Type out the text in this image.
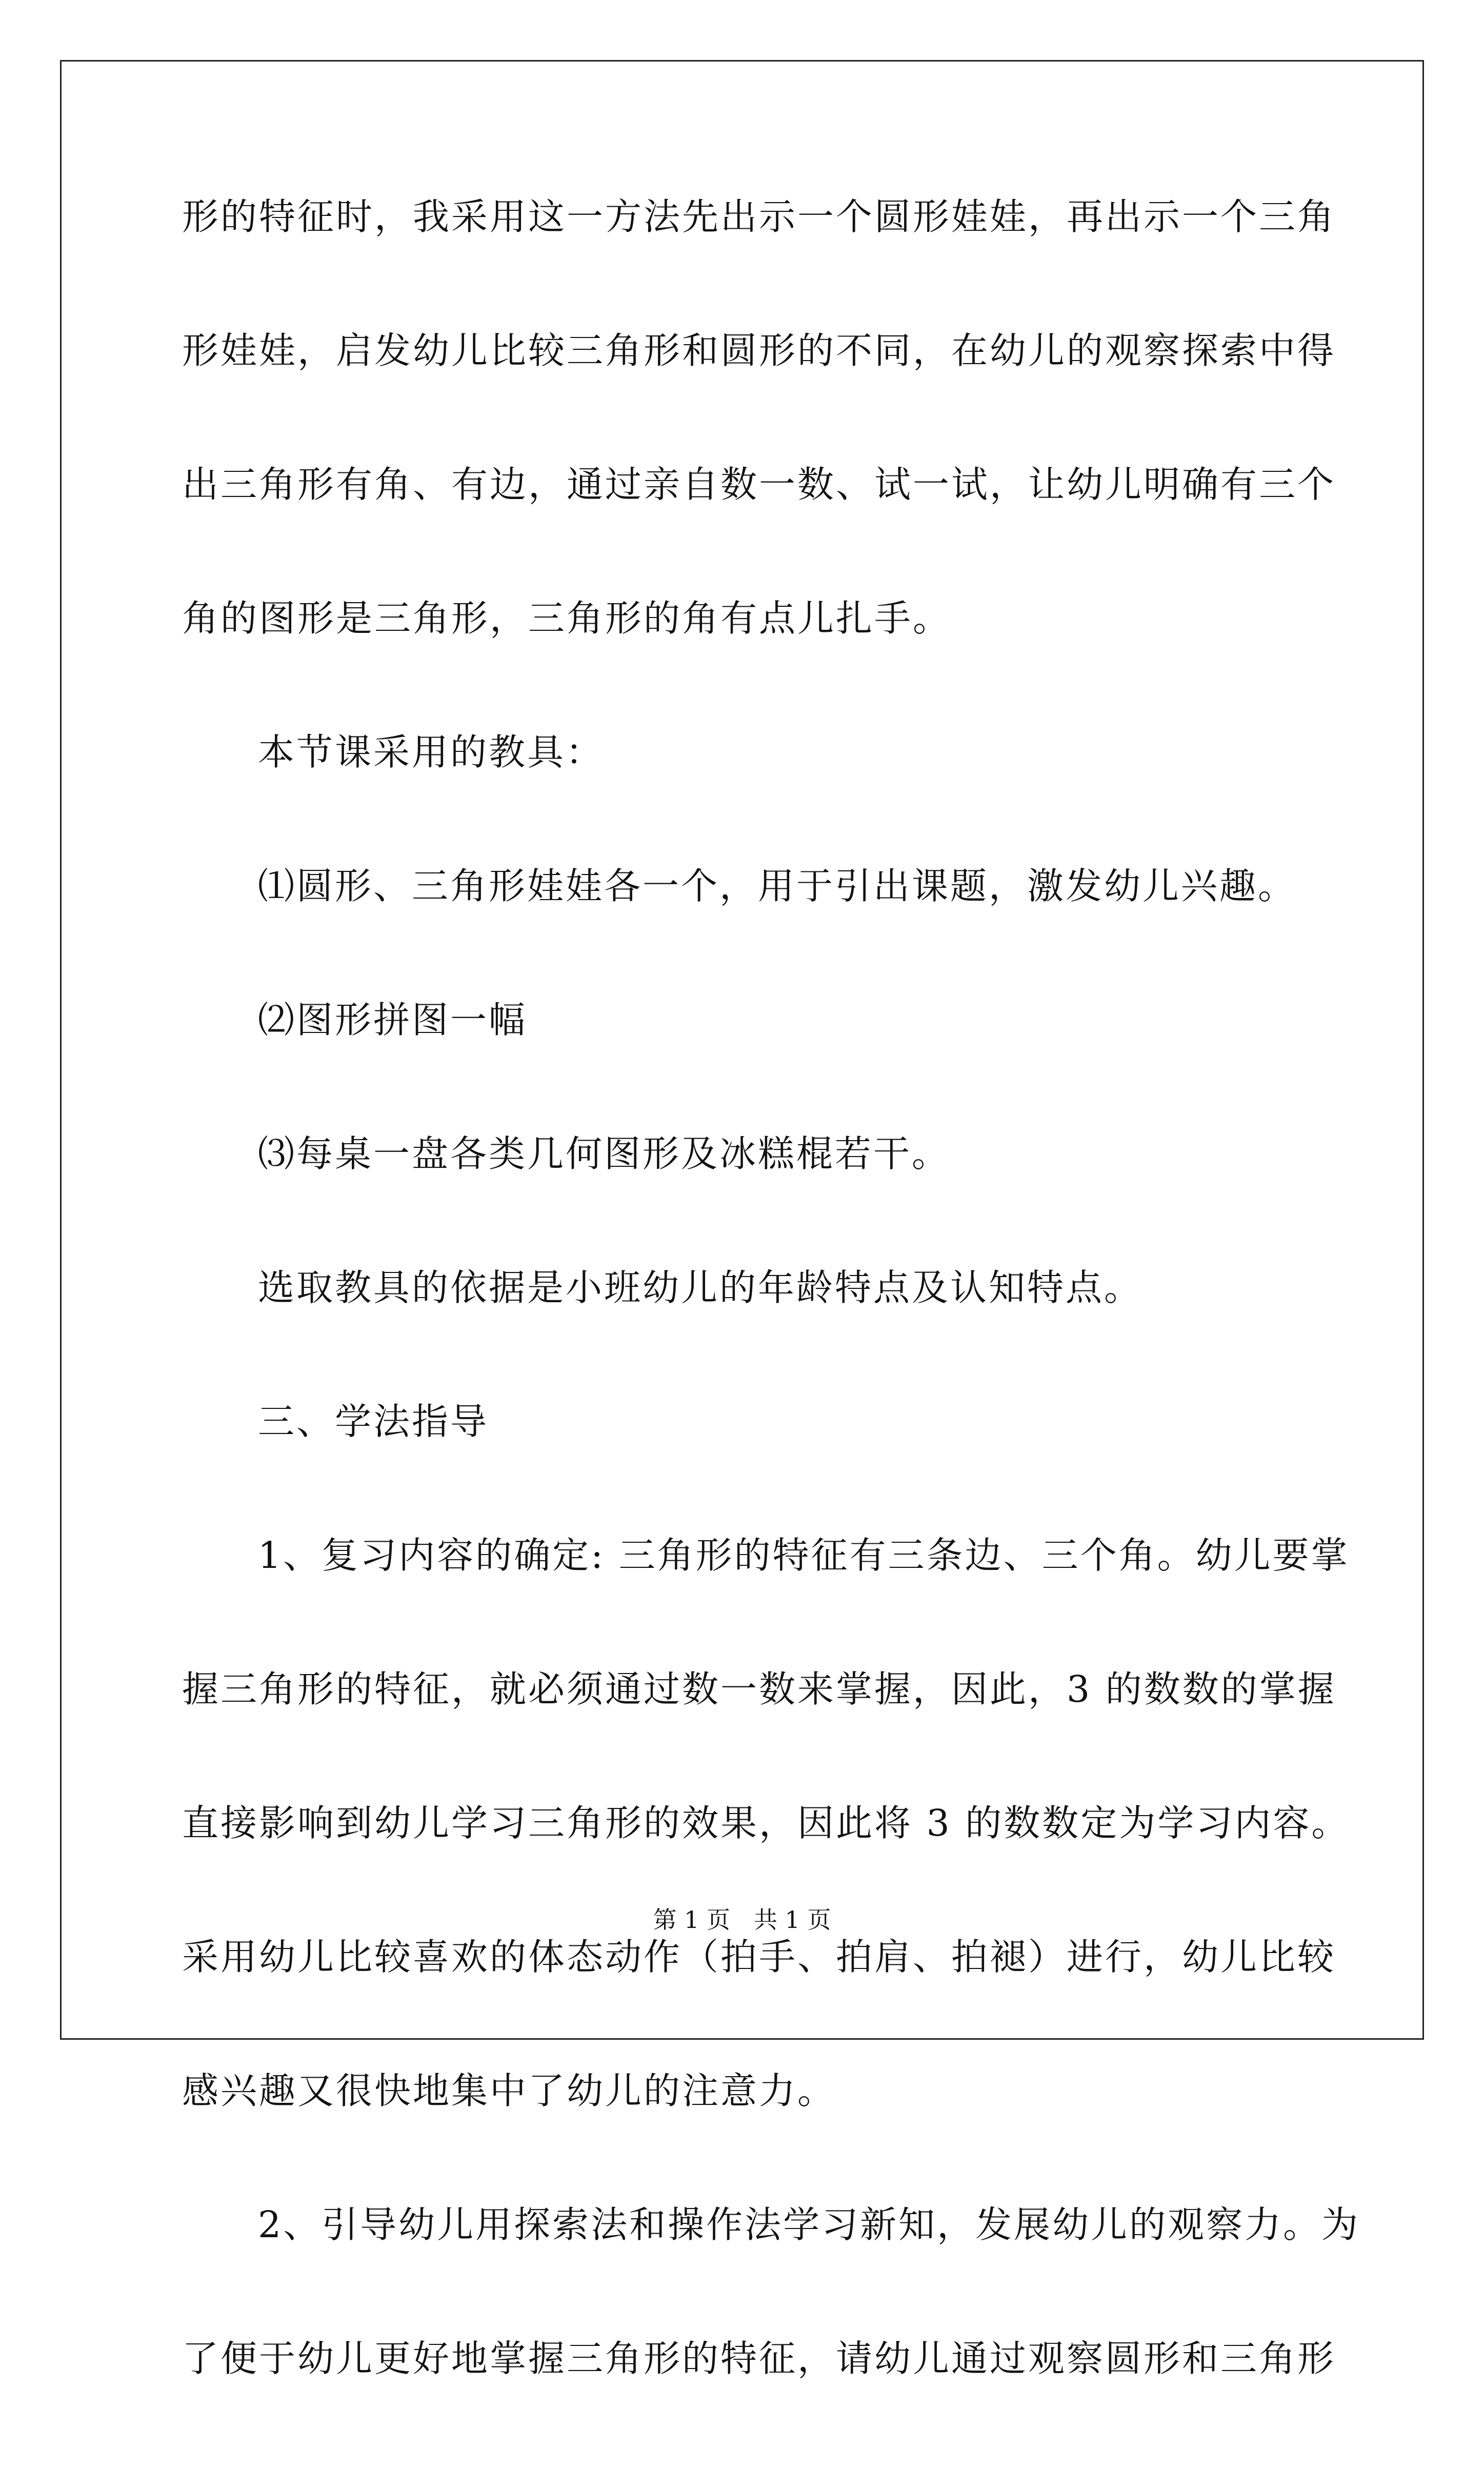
形的特征时，我采用这一方法先出示一个圆形娃娃，再出示一个三角
形娃娃，启发幼儿比较三角形和圆形的不同，在幼儿的观察探索中得
出三角形有角、有边，通过亲自数一数、试一试，让幼儿明确有三个
角的图形是三角形，三角形的角有点儿扎手。
本节课采用的教具：
⑴圆形、三角形娃娃各一个，用于引出课题，激发幼儿兴趣。
⑵图形拼图一幅
⑶每桌一盘各类几何图形及冰糕棍若干。
选取教具的依据是小班幼儿的年龄特点及认知特点。
三、学法指导
1、复习内容的确定: 三角形的特征有三条边、三个角。幼儿要掌
握三角形的特征，就必须通过数一数来掌握，因此，3 的数数的掌握
直接影响到幼儿学习三角形的效果，因此将 3 的数数定为学习内容。
采用幼儿比较喜欢的体态动作（拍手、拍肩、拍褪）进行，幼儿比较
感兴趣又很快地集中了幼儿的注意力。
2、引导幼儿用探索法和操作法学习新知，发展幼儿的观察力。为
了便于幼儿更好地掌握三角形的特征，请幼儿通过观察圆形和三角形
第 1 页　共 1 页
